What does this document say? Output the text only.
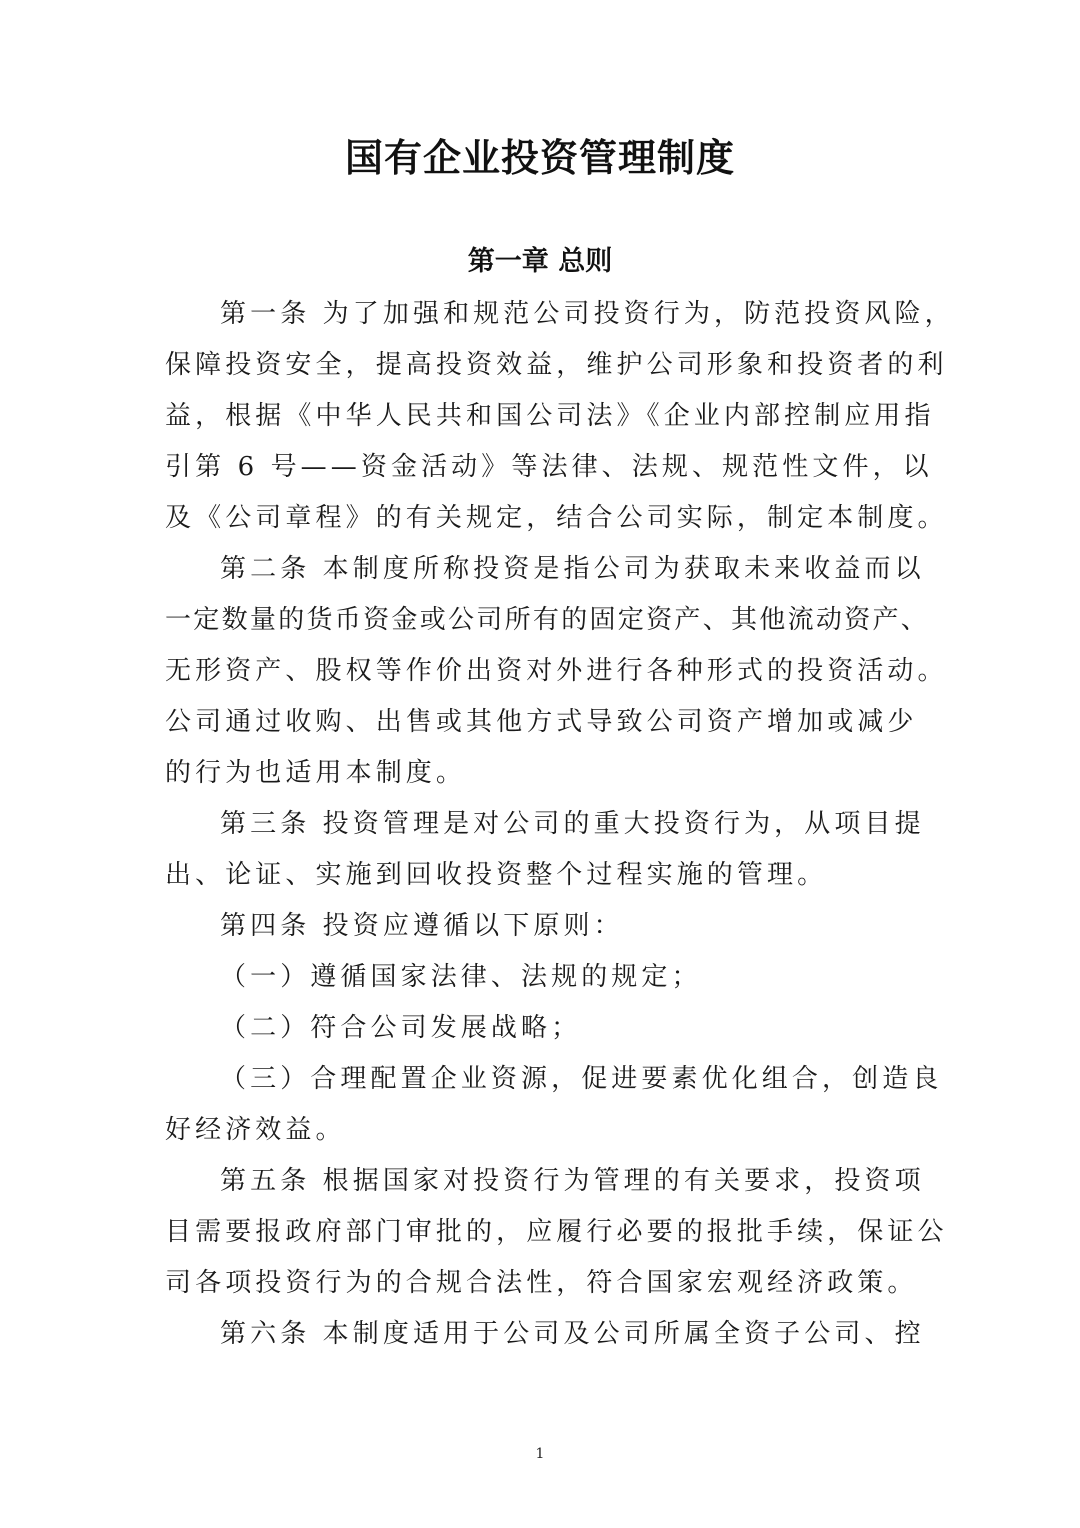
国有企业投资管理制度
第一章 总则
第一条 为了加强和规范公司投资行为，防范投资风险，
保障投资安全，提高投资效益，维护公司形象和投资者的利
益，根据《中华人民共和国公司法》《企业内部控制应用指
引第 6 号——资金活动》等法律、法规、规范性文件，以
及《公司章程》的有关规定，结合公司实际，制定本制度。
第二条 本制度所称投资是指公司为获取未来收益而以
一定数量的货币资金或公司所有的固定资产、其他流动资产、
无形资产、股权等作价出资对外进行各种形式的投资活动。
公司通过收购、出售或其他方式导致公司资产增加或减少
的行为也适用本制度。
第三条 投资管理是对公司的重大投资行为，从项目提
出、论证、实施到回收投资整个过程实施的管理。
第四条 投资应遵循以下原则：
（一）遵循国家法律、法规的规定；
（二）符合公司发展战略；
（三）合理配置企业资源，促进要素优化组合，创造良
好经济效益。
第五条 根据国家对投资行为管理的有关要求，投资项
目需要报政府部门审批的，应履行必要的报批手续，保证公
司各项投资行为的合规合法性，符合国家宏观经济政策。
第六条 本制度适用于公司及公司所属全资子公司、控
1
